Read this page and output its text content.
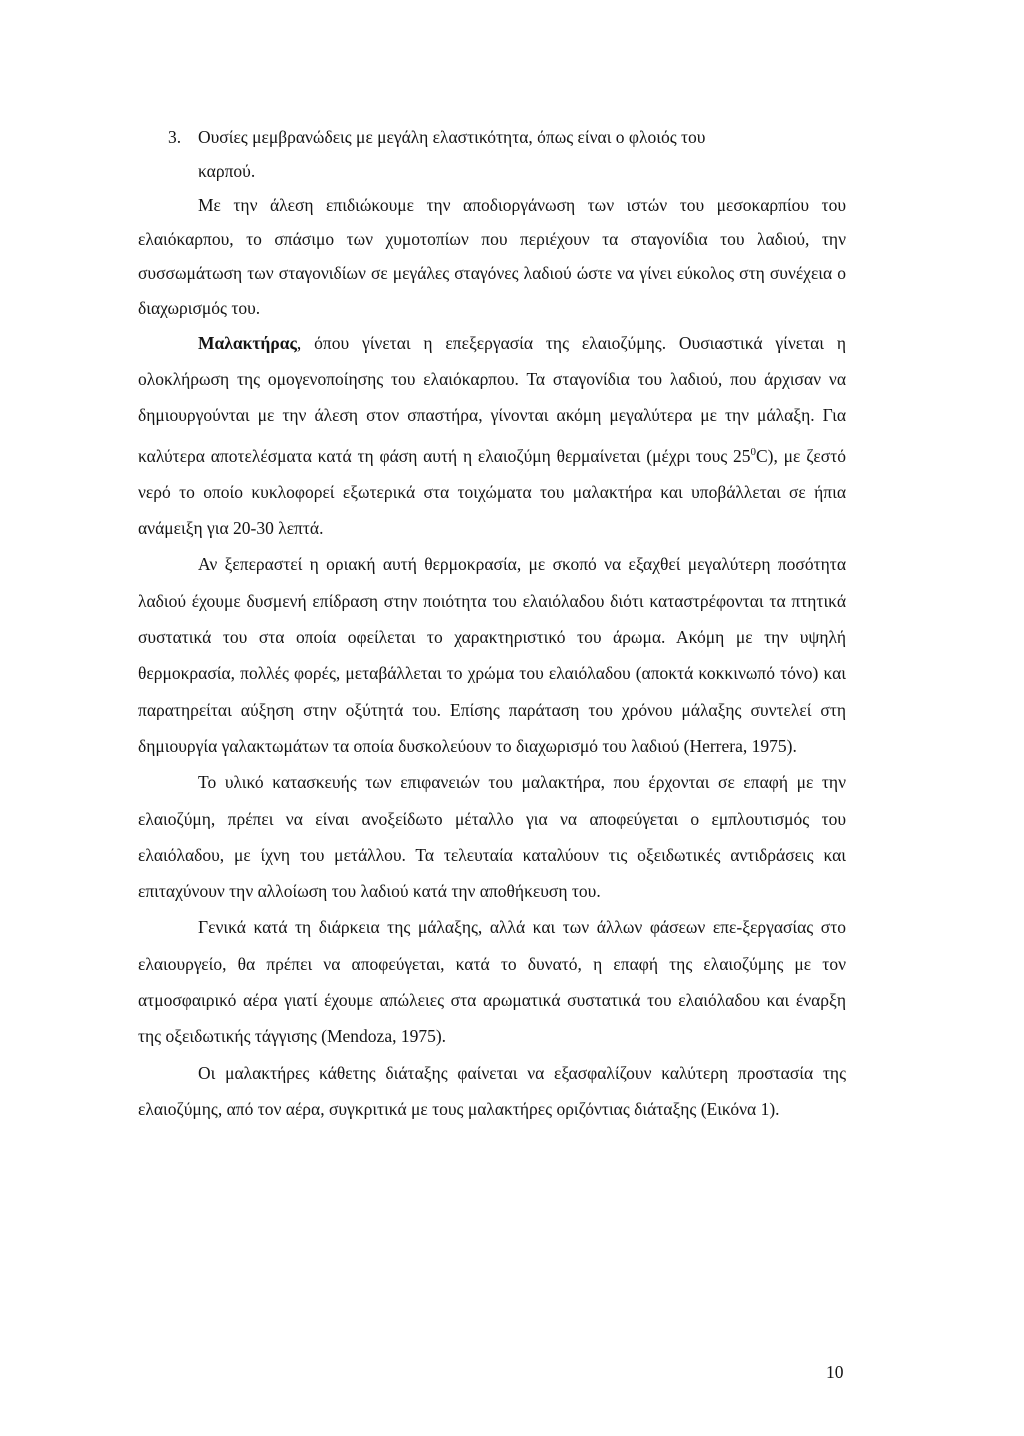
3. Ουσίες μεμβρανώδεις με μεγάλη ελαστικότητα, όπως είναι ο φλοιός του
καρπού.

Με την άλεση επιδιώκουμε την αποδιοργάνωση των ιστών του μεσοκαρπίου του ελαιόκαρπου, το σπάσιμο των χυμοτοπίων που περιέχουν τα σταγονίδια του λαδιού, την συσσωμάτωση των σταγονιδίων σε μεγάλες σταγόνες λαδιού ώστε να γίνει εύκολος στη συνέχεια ο διαχωρισμός του.

Μαλακτήρας, όπου γίνεται η επεξεργασία της ελαιοζύμης. Ουσιαστικά γίνεται η ολοκλήρωση της ομογενοποίησης του ελαιόκαρπου. Τα σταγονίδια του λαδιού, που άρχισαν να δημιουργούνται με την άλεση στον σπαστήρα, γίνονται ακόμη μεγαλύτερα με την μάλαξη. Για καλύτερα αποτελέσματα κατά τη φάση αυτή η ελαιοζύμη θερμαίνεται (μέχρι τους $25^0C$), με ζεστό νερό το οποίο κυκλοφορεί εξωτερικά στα τοιχώματα του μαλακτήρα και υποβάλλεται σε ήπια ανάμειξη για 20-30 λεπτά.

Αν ξεπεραστεί η οριακή αυτή θερμοκρασία, με σκοπό να εξαχθεί μεγαλύτερη ποσότητα λαδιού έχουμε δυσμενή επίδραση στην ποιότητα του ελαιόλαδου διότι καταστρέφονται τα πτητικά συστατικά του στα οποία οφείλεται το χαρακτηριστικό του άρωμα. Ακόμη με την υψηλή θερμοκρασία, πολλές φορές, μεταβάλλεται το χρώμα του ελαιόλαδου (αποκτά κοκκινωπό τόνο) και παρατηρείται αύξηση στην οξύτητά του. Επίσης παράταση του χρόνου μάλαξης συντελεί στη δημιουργία γαλακτωμάτων τα οποία δυσκολεύουν το διαχωρισμό του λαδιού (Herrera, 1975).

Το υλικό κατασκευής των επιφανειών του μαλακτήρα, που έρχονται σε επαφή με την ελαιοζύμη, πρέπει να είναι ανοξείδωτο μέταλλο για να αποφεύγεται ο εμπλουτισμός του ελαιόλαδου, με ίχνη του μετάλλου. Τα τελευταία καταλύουν τις οξειδωτικές αντιδράσεις και επιταχύνουν την αλλοίωση του λαδιού κατά την αποθήκευση του.

Γενικά κατά τη διάρκεια της μάλαξης, αλλά και των άλλων φάσεων επε-ξεργασίας στο ελαιουργείο, θα πρέπει να αποφεύγεται, κατά το δυνατό, η επαφή της ελαιοζύμης με τον ατμοσφαιρικό αέρα γιατί έχουμε απώλειες στα αρωματικά συστατικά του ελαιόλαδου και έναρξη της οξειδωτικής τάγγισης (Mendoza, 1975).

Οι μαλακτήρες κάθετης διάταξης φαίνεται να εξασφαλίζουν καλύτερη προστασία της ελαιοζύμης, από τον αέρα, συγκριτικά με τους μαλακτήρες οριζόντιας διάταξης (Εικόνα 1).

10
